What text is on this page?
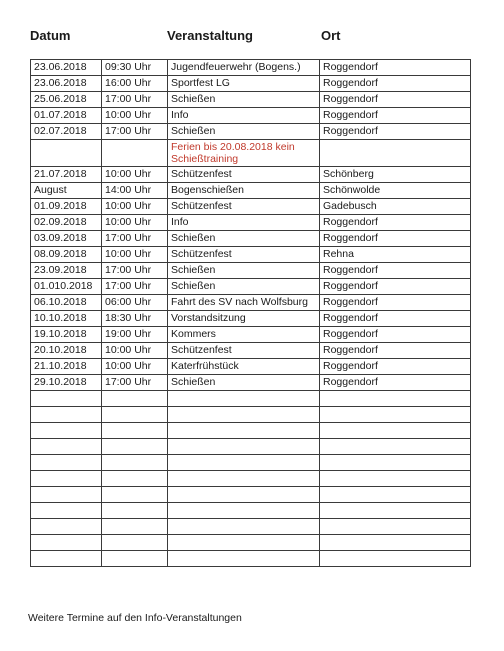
Datum	Veranstaltung	Ort
23.06.2018	09:30 Uhr	Jugendfeuerwehr (Bogens.)	Roggendorf
23.06.2018	16:00 Uhr	Sportfest LG	Roggendorf
25.06.2018	17:00 Uhr	Schießen	Roggendorf
01.07.2018	10:00 Uhr	Info	Roggendorf
02.07.2018	17:00 Uhr	Schießen	Roggendorf
		Ferien bis 20.08.2018 kein Schießtraining	
21.07.2018	10:00 Uhr	Schützenfest	Schönberg
August	14:00 Uhr	Bogenschießen	Schönwolde
01.09.2018	10:00 Uhr	Schützenfest	Gadebusch
02.09.2018	10:00 Uhr	Info	Roggendorf
03.09.2018	17:00 Uhr	Schießen	Roggendorf
08.09.2018	10:00 Uhr	Schützenfest	Rehna
23.09.2018	17:00 Uhr	Schießen	Roggendorf
01.010.2018	17:00 Uhr	Schießen	Roggendorf
06.10.2018	06:00 Uhr	Fahrt des SV nach Wolfsburg	Roggendorf
10.10.2018	18:30 Uhr	Vorstandsitzung	Roggendorf
19.10.2018	19:00 Uhr	Kommers	Roggendorf
20.10.2018	10:00 Uhr	Schützenfest	Roggendorf
21.10.2018	10:00 Uhr	Katerfrühstück	Roggendorf
29.10.2018	17:00 Uhr	Schießen	Roggendorf

Weitere Termine auf den Info-Veranstaltungen
